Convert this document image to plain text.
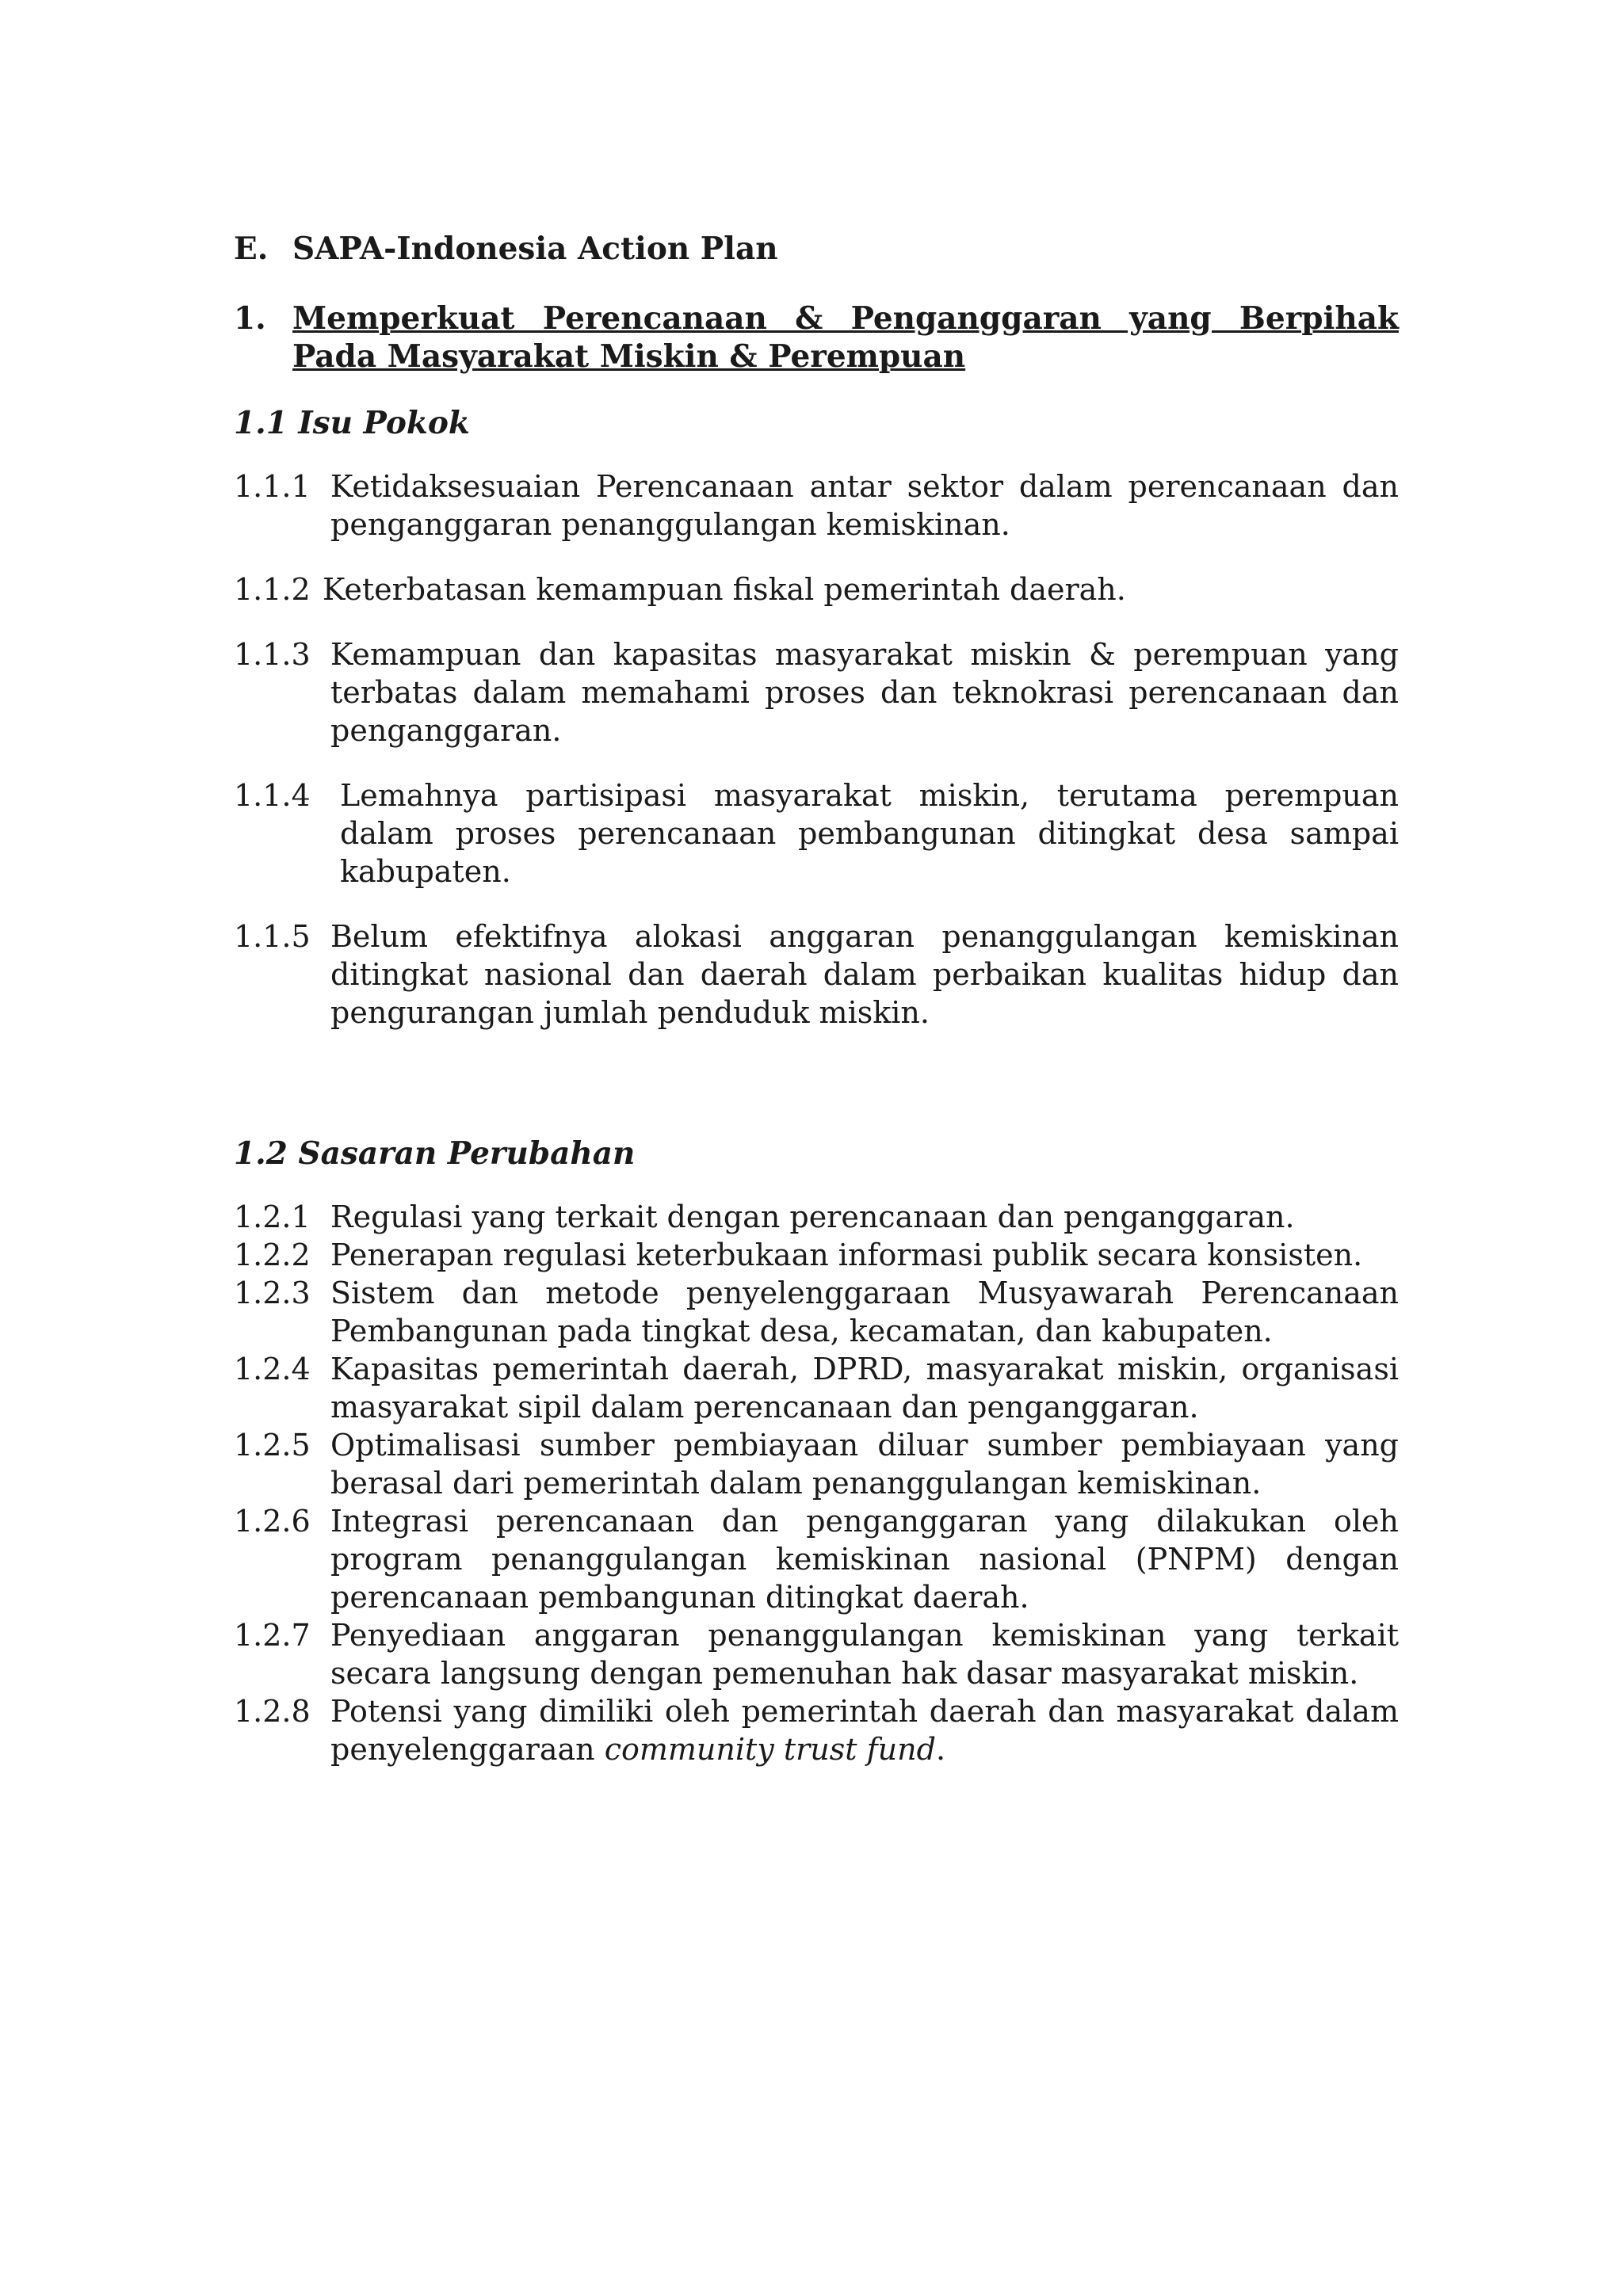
E. SAPA-Indonesia Action Plan
1. Memperkuat Perencanaan & Penganggaran yang Berpihak Pada Masyarakat Miskin & Perempuan
1.1 Isu Pokok
1.1.1 Ketidaksesuaian Perencanaan antar sektor dalam perencanaan dan penganggaran penanggulangan kemiskinan.
1.1.2 Keterbatasan kemampuan fiskal pemerintah daerah.
1.1.3 Kemampuan dan kapasitas masyarakat miskin & perempuan yang terbatas dalam memahami proses dan teknokrasi perencanaan dan penganggaran.
1.1.4 Lemahnya partisipasi masyarakat miskin, terutama perempuan dalam proses perencanaan pembangunan ditingkat desa sampai kabupaten.
1.1.5 Belum efektifnya alokasi anggaran penanggulangan kemiskinan ditingkat nasional dan daerah dalam perbaikan kualitas hidup dan pengurangan jumlah penduduk miskin.
1.2 Sasaran Perubahan
1.2.1 Regulasi yang terkait dengan perencanaan dan penganggaran.
1.2.2 Penerapan regulasi keterbukaan informasi publik secara konsisten.
1.2.3 Sistem dan metode penyelenggaraan Musyawarah Perencanaan Pembangunan pada tingkat desa, kecamatan, dan kabupaten.
1.2.4 Kapasitas pemerintah daerah, DPRD, masyarakat miskin, organisasi masyarakat sipil dalam perencanaan dan penganggaran.
1.2.5 Optimalisasi sumber pembiayaan diluar sumber pembiayaan yang berasal dari pemerintah dalam penanggulangan kemiskinan.
1.2.6 Integrasi perencanaan dan penganggaran yang dilakukan oleh program penanggulangan kemiskinan nasional (PNPM) dengan perencanaan pembangunan ditingkat daerah.
1.2.7 Penyediaan anggaran penanggulangan kemiskinan yang terkait secara langsung dengan pemenuhan hak dasar masyarakat miskin.
1.2.8 Potensi yang dimiliki oleh pemerintah daerah dan masyarakat dalam penyelenggaraan community trust fund.
